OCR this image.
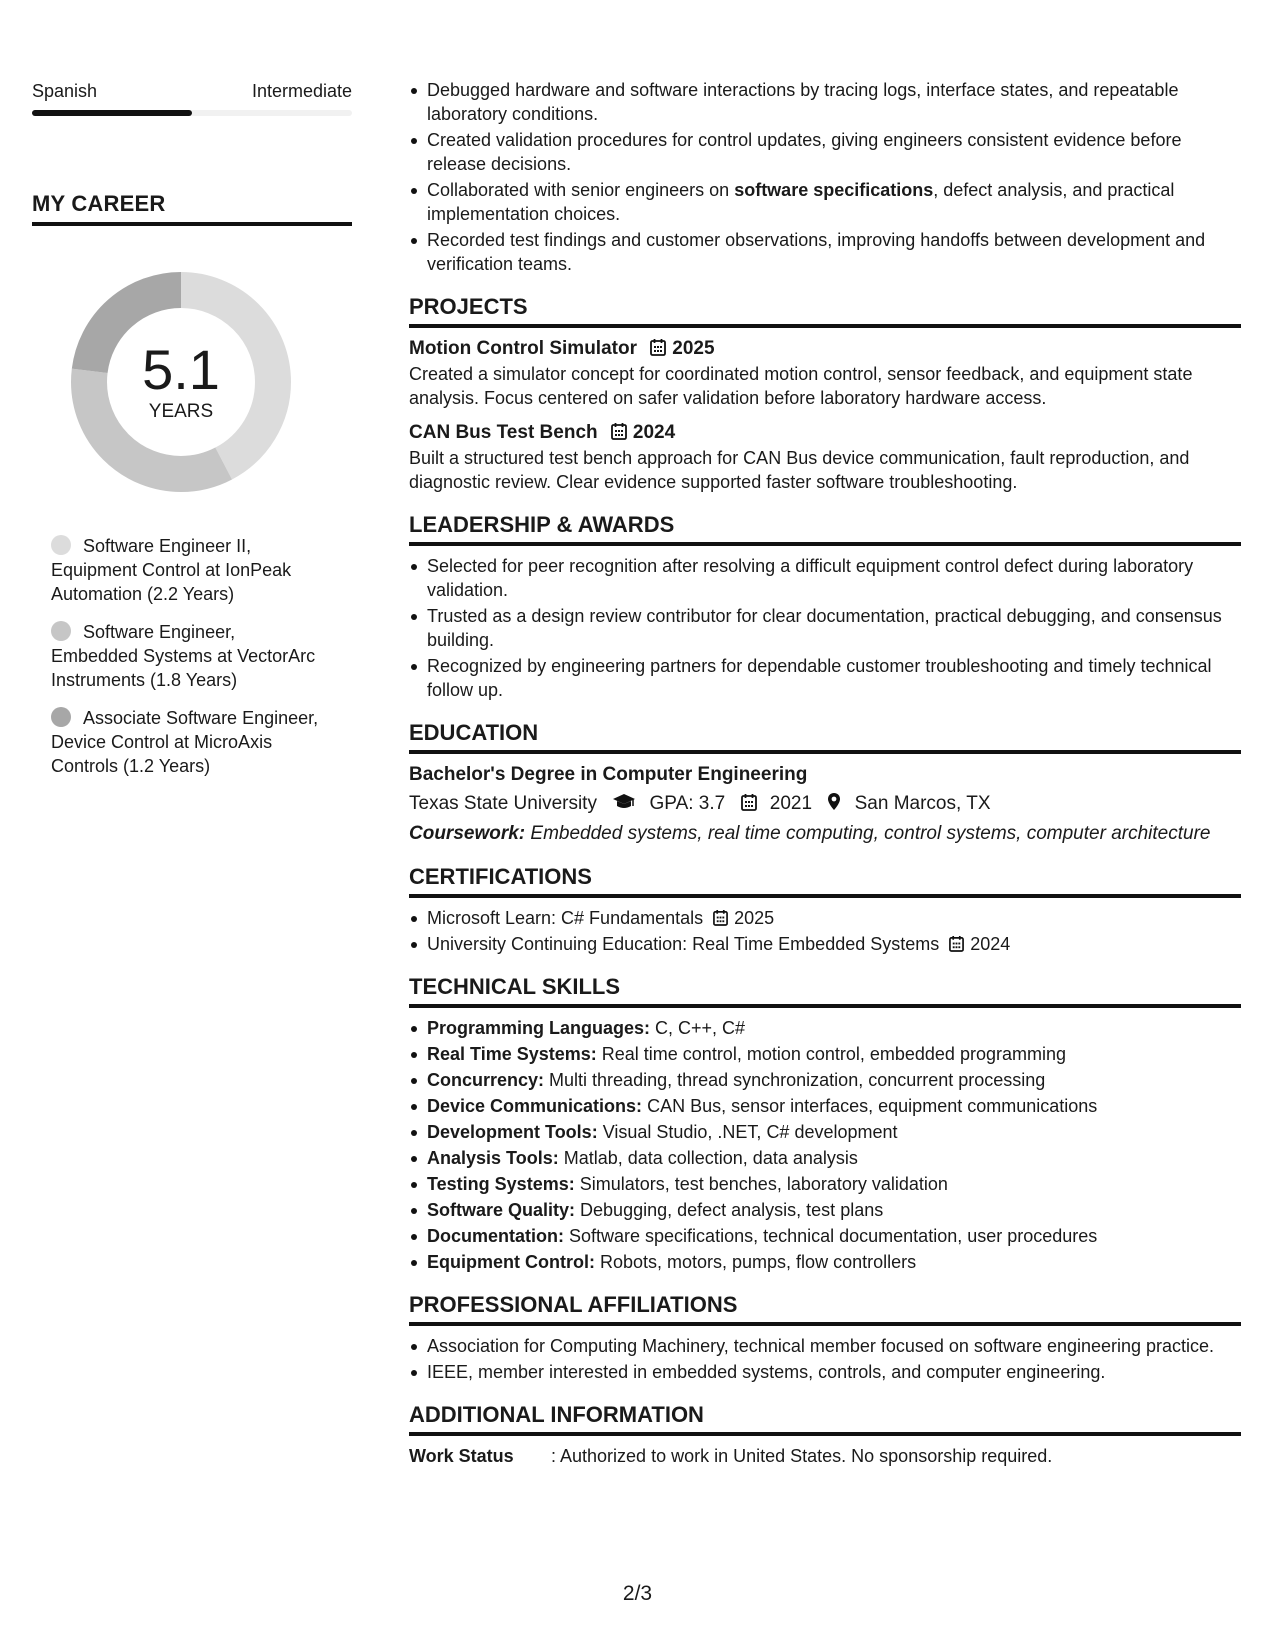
Spanish	Intermediate
MY CAREER
5.1
YEARS
Software Engineer II, Equipment Control at IonPeak Automation (2.2 Years)
Software Engineer, Embedded Systems at VectorArc Instruments (1.8 Years)
Associate Software Engineer, Device Control at MicroAxis Controls (1.2 Years)
Debugged hardware and software interactions by tracing logs, interface states, and repeatable laboratory conditions.
Created validation procedures for control updates, giving engineers consistent evidence before release decisions.
Collaborated with senior engineers on software specifications, defect analysis, and practical implementation choices.
Recorded test findings and customer observations, improving handoffs between development and verification teams.
PROJECTS
Motion Control Simulator 2025
Created a simulator concept for coordinated motion control, sensor feedback, and equipment state analysis. Focus centered on safer validation before laboratory hardware access.
CAN Bus Test Bench 2024
Built a structured test bench approach for CAN Bus device communication, fault reproduction, and diagnostic review. Clear evidence supported faster software troubleshooting.
LEADERSHIP & AWARDS
Selected for peer recognition after resolving a difficult equipment control defect during laboratory validation.
Trusted as a design review contributor for clear documentation, practical debugging, and consensus building.
Recognized by engineering partners for dependable customer troubleshooting and timely technical follow up.
EDUCATION
Bachelor's Degree in Computer Engineering
Texas State University	GPA: 3.7 2021 San Marcos, TX
Coursework: Embedded systems, real time computing, control systems, computer architecture
CERTIFICATIONS
Microsoft Learn: C# Fundamentals 2025
University Continuing Education: Real Time Embedded Systems 2024
TECHNICAL SKILLS
Programming Languages: C, C++, C#
Real Time Systems: Real time control, motion control, embedded programming
Concurrency: Multi threading, thread synchronization, concurrent processing
Device Communications: CAN Bus, sensor interfaces, equipment communications
Development Tools: Visual Studio, .NET, C# development
Analysis Tools: Matlab, data collection, data analysis
Testing Systems: Simulators, test benches, laboratory validation
Software Quality: Debugging, defect analysis, test plans
Documentation: Software specifications, technical documentation, user procedures
Equipment Control: Robots, motors, pumps, flow controllers
PROFESSIONAL AFFILIATIONS
Association for Computing Machinery, technical member focused on software engineering practice.
IEEE, member interested in embedded systems, controls, and computer engineering.
ADDITIONAL INFORMATION
Work Status	: Authorized to work in United States. No sponsorship required.
2/3
